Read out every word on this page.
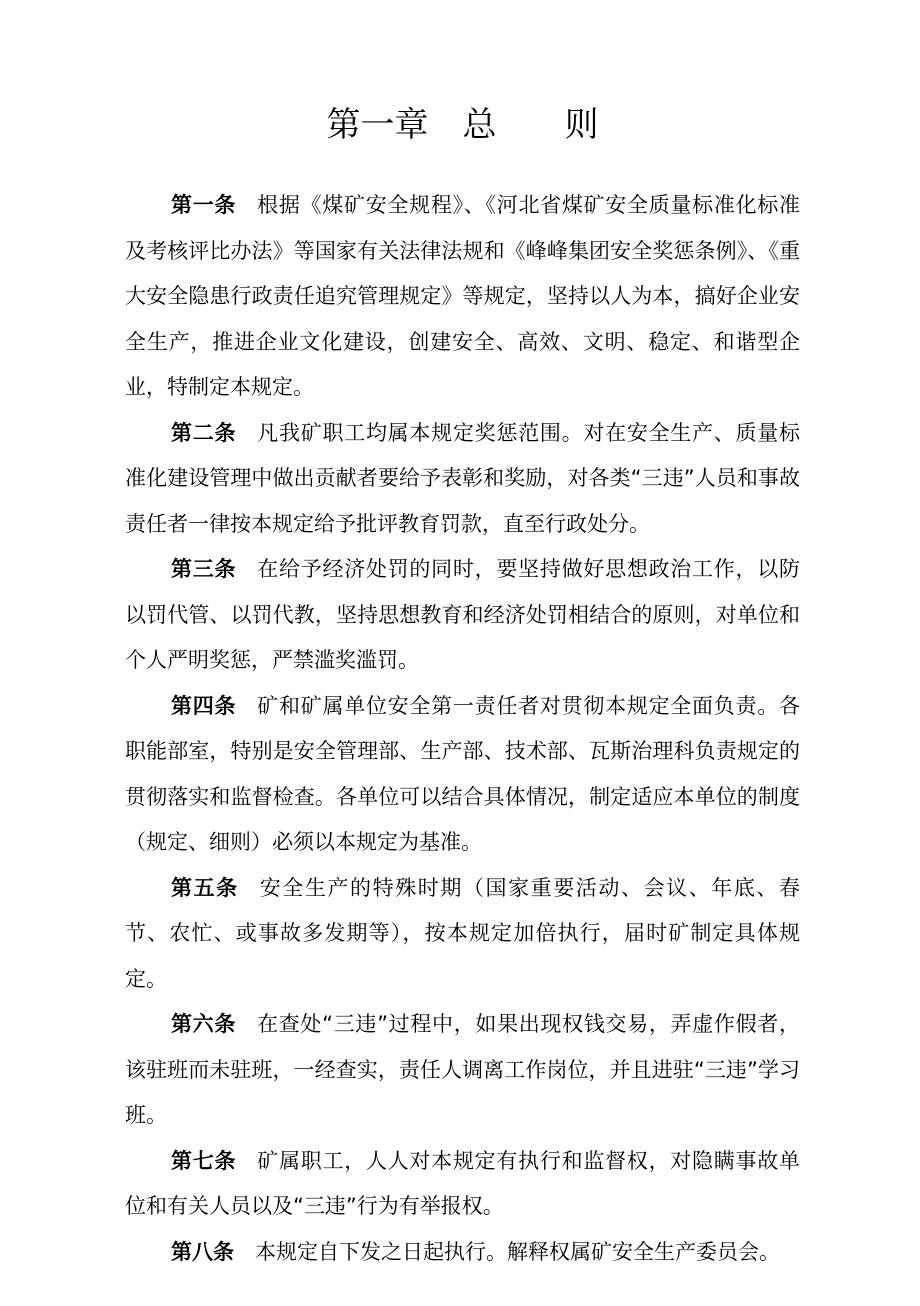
第一章　总　　则
第一条 根据《煤矿安全规程》、《河北省煤矿安全质量标准化标准及考核评比办法》等国家有关法律法规和《峰峰集团安全奖惩条例》、《重大安全隐患行政责任追究管理规定》等规定，坚持以人为本，搞好企业安全生产，推进企业文化建设，创建安全、高效、文明、稳定、和谐型企业，特制定本规定。
第二条 凡我矿职工均属本规定奖惩范围。对在安全生产、质量标准化建设管理中做出贡献者要给予表彰和奖励，对各类“三违”人员和事故责任者一律按本规定给予批评教育罚款，直至行政处分。
第三条 在给予经济处罚的同时，要坚持做好思想政治工作，以防以罚代管、以罚代教，坚持思想教育和经济处罚相结合的原则，对单位和个人严明奖惩，严禁滥奖滥罚。
第四条 矿和矿属单位安全第一责任者对贯彻本规定全面负责。各职能部室，特别是安全管理部、生产部、技术部、瓦斯治理科负责规定的贯彻落实和监督检查。各单位可以结合具体情况，制定适应本单位的制度（规定、细则）必须以本规定为基准。
第五条 安全生产的特殊时期（国家重要活动、会议、年底、春节、农忙、或事故多发期等），按本规定加倍执行，届时矿制定具体规定。
第六条 在查处“三违”过程中，如果出现权钱交易，弄虚作假者，该驻班而未驻班，一经查实，责任人调离工作岗位，并且进驻“三违”学习班。
第七条 矿属职工，人人对本规定有执行和监督权，对隐瞒事故单位和有关人员以及“三违”行为有举报权。
第八条 本规定自下发之日起执行。解释权属矿安全生产委员会。
